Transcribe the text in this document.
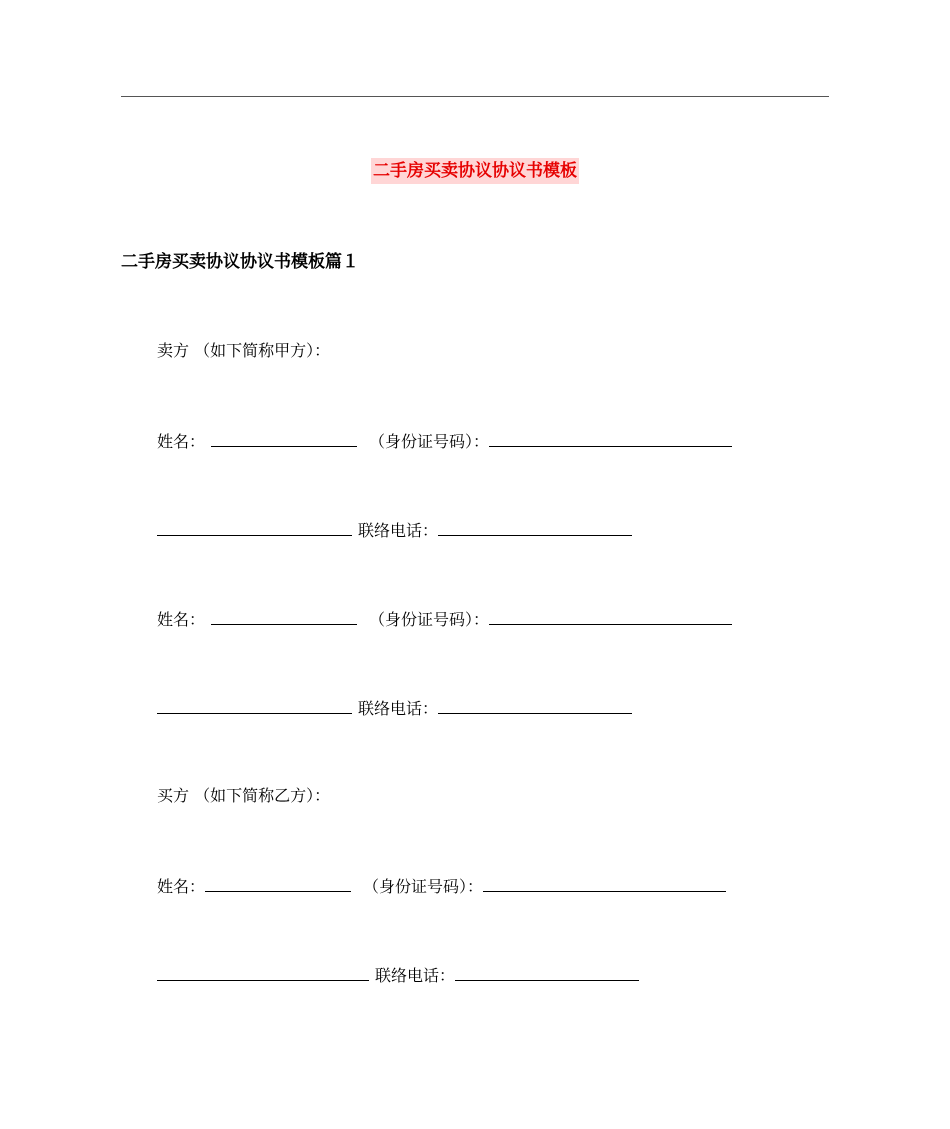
二手房买卖协议协议书模板
二手房买卖协议协议书模板篇１

卖方 （如下简称甲方）：

姓名：	（身份证号码）：

联络电话：

姓名：	（身份证号码）：

联络电话：

买方 （如下简称乙方）：

姓名：	（身份证号码）：

联络电话：
